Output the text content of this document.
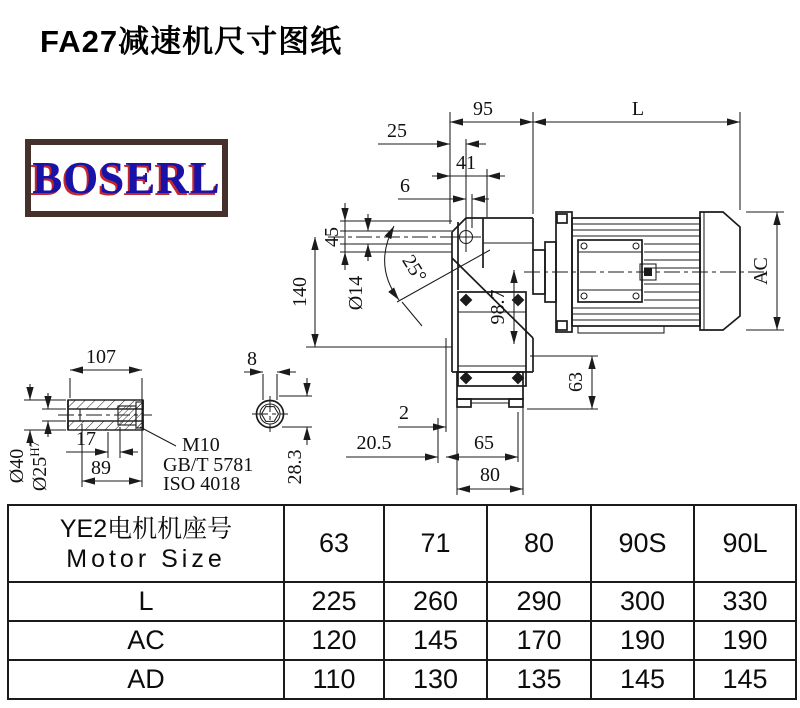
FA27减速机尺寸图纸
BOSERL
95	L
25
41
6
45
Ø14
140
25°
2
20.5	65
80
63
98.7
AC
107
Ø40 $Ø25^{H7}$	17
89
M10
GB/T 5781
ISO 4018
8
28.3
YE2电机机座号
Motor Size	63	71	80	90S	90L
L	225	260	290	300	330
AC	120	145	170	190	190
AD	110	130	135	145	145
